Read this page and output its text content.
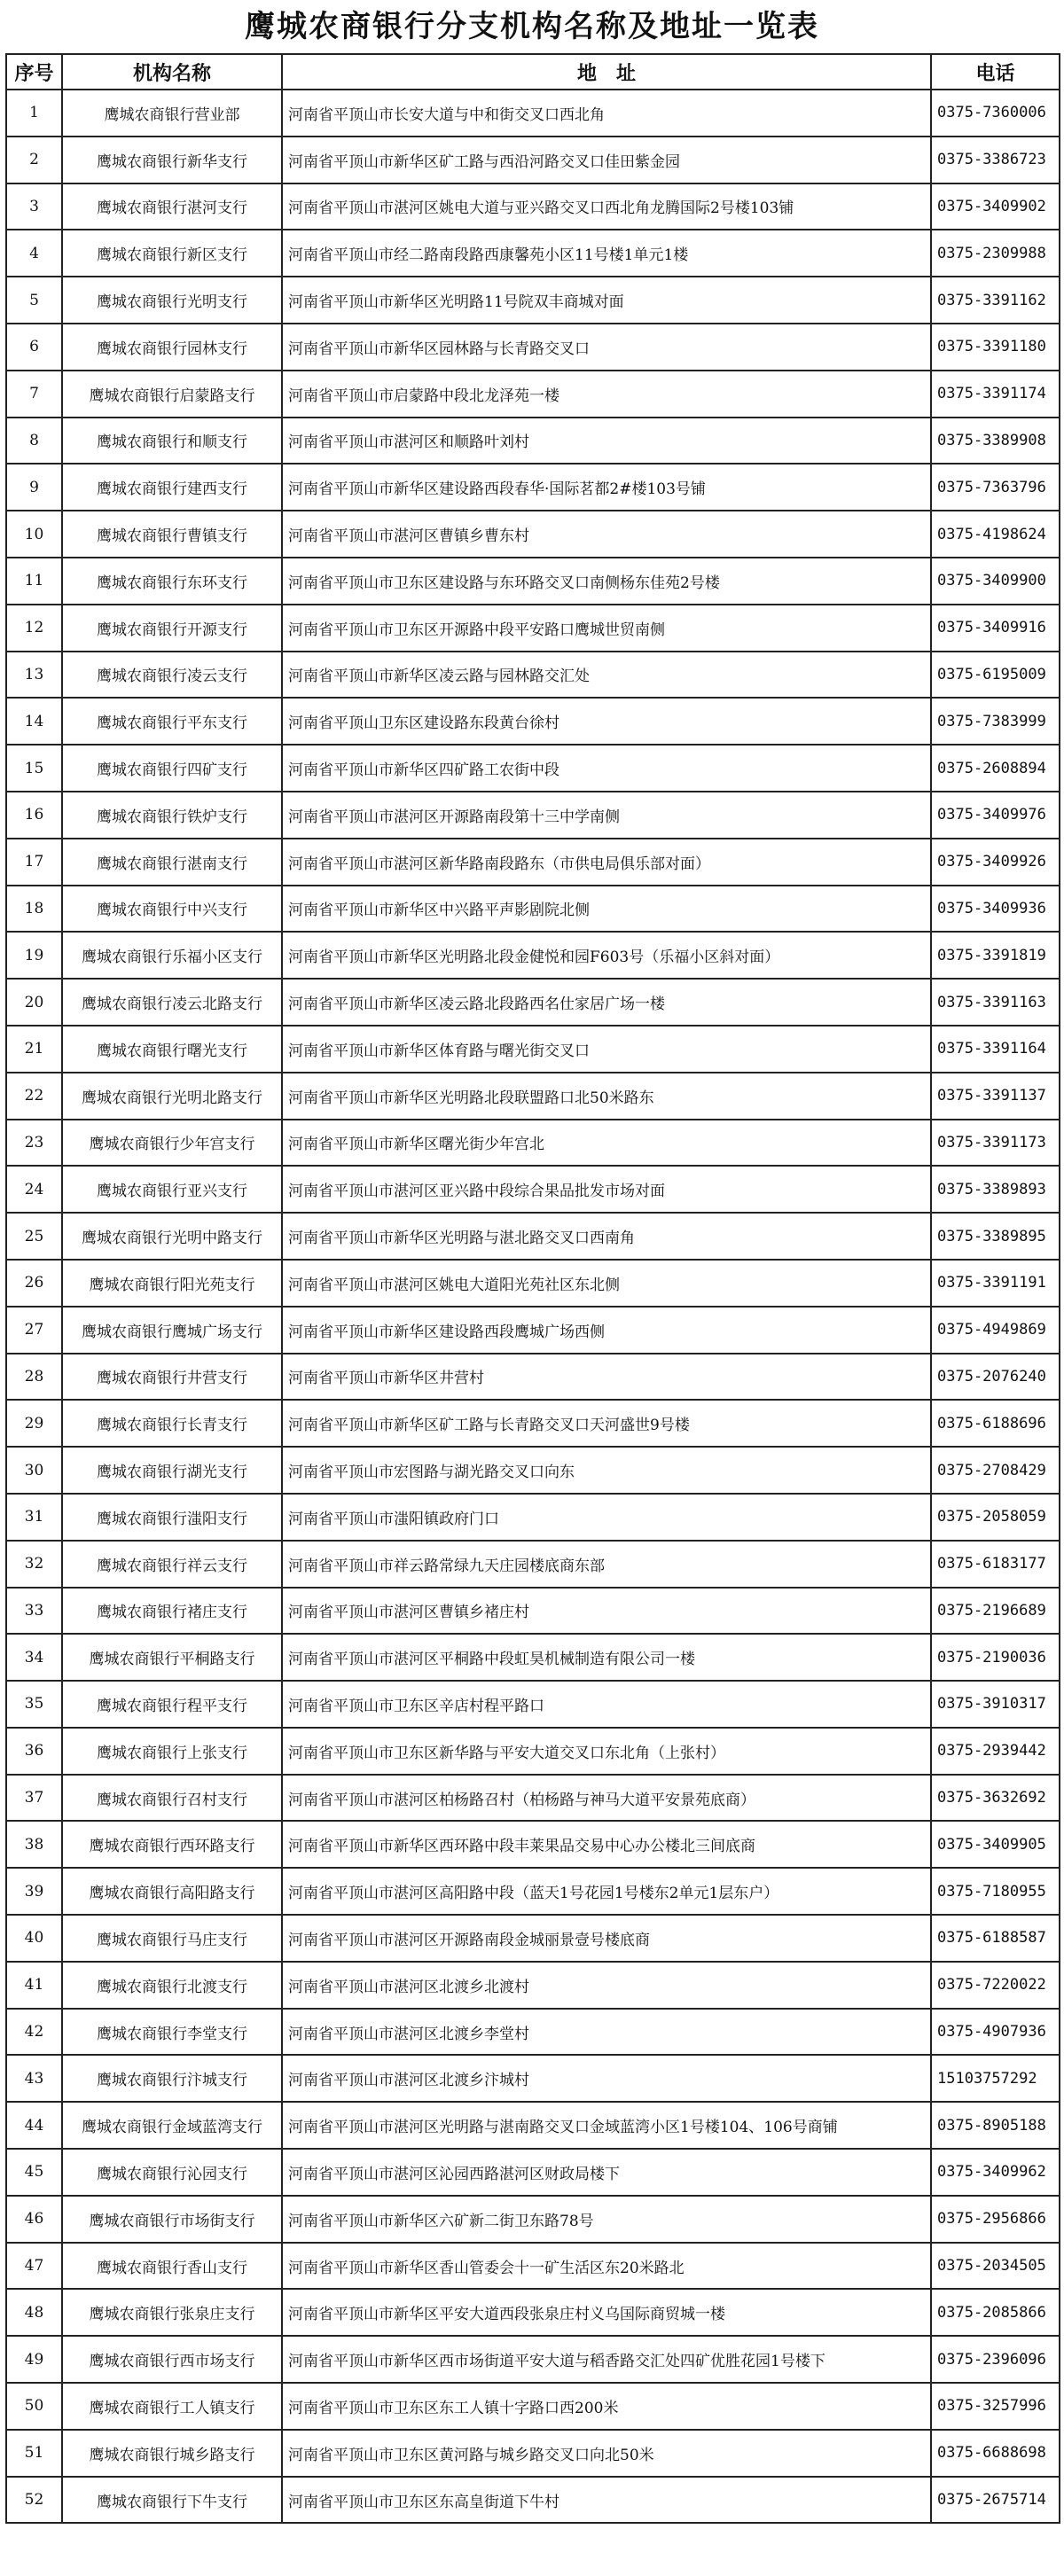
鹰城农商银行分支机构名称及地址一览表
序号	机构名称	地　址	电话
1	鹰城农商银行营业部	河南省平顶山市长安大道与中和街交叉口西北角	0375-7360006
2	鹰城农商银行新华支行	河南省平顶山市新华区矿工路与西沿河路交叉口佳田紫金园	0375-3386723
3	鹰城农商银行湛河支行	河南省平顶山市湛河区姚电大道与亚兴路交叉口西北角龙腾国际2号楼103铺	0375-3409902
4	鹰城农商银行新区支行	河南省平顶山市经二路南段路西康馨苑小区11号楼1单元1楼	0375-2309988
5	鹰城农商银行光明支行	河南省平顶山市新华区光明路11号院双丰商城对面	0375-3391162
6	鹰城农商银行园林支行	河南省平顶山市新华区园林路与长青路交叉口	0375-3391180
7	鹰城农商银行启蒙路支行	河南省平顶山市启蒙路中段北龙泽苑一楼	0375-3391174
8	鹰城农商银行和顺支行	河南省平顶山市湛河区和顺路叶刘村	0375-3389908
9	鹰城农商银行建西支行	河南省平顶山市新华区建设路西段春华·国际茗都2#楼103号铺	0375-7363796
10	鹰城农商银行曹镇支行	河南省平顶山市湛河区曹镇乡曹东村	0375-4198624
11	鹰城农商银行东环支行	河南省平顶山市卫东区建设路与东环路交叉口南侧杨东佳苑2号楼	0375-3409900
12	鹰城农商银行开源支行	河南省平顶山市卫东区开源路中段平安路口鹰城世贸南侧	0375-3409916
13	鹰城农商银行凌云支行	河南省平顶山市新华区凌云路与园林路交汇处	0375-6195009
14	鹰城农商银行平东支行	河南省平顶山卫东区建设路东段黄台徐村	0375-7383999
15	鹰城农商银行四矿支行	河南省平顶山市新华区四矿路工农街中段	0375-2608894
16	鹰城农商银行铁炉支行	河南省平顶山市湛河区开源路南段第十三中学南侧	0375-3409976
17	鹰城农商银行湛南支行	河南省平顶山市湛河区新华路南段路东（市供电局俱乐部对面）	0375-3409926
18	鹰城农商银行中兴支行	河南省平顶山市新华区中兴路平声影剧院北侧	0375-3409936
19	鹰城农商银行乐福小区支行	河南省平顶山市新华区光明路北段金健悦和园F603号（乐福小区斜对面）	0375-3391819
20	鹰城农商银行凌云北路支行	河南省平顶山市新华区凌云路北段路西名仕家居广场一楼	0375-3391163
21	鹰城农商银行曙光支行	河南省平顶山市新华区体育路与曙光街交叉口	0375-3391164
22	鹰城农商银行光明北路支行	河南省平顶山市新华区光明路北段联盟路口北50米路东	0375-3391137
23	鹰城农商银行少年宫支行	河南省平顶山市新华区曙光街少年宫北	0375-3391173
24	鹰城农商银行亚兴支行	河南省平顶山市湛河区亚兴路中段综合果品批发市场对面	0375-3389893
25	鹰城农商银行光明中路支行	河南省平顶山市新华区光明路与湛北路交叉口西南角	0375-3389895
26	鹰城农商银行阳光苑支行	河南省平顶山市湛河区姚电大道阳光苑社区东北侧	0375-3391191
27	鹰城农商银行鹰城广场支行	河南省平顶山市新华区建设路西段鹰城广场西侧	0375-4949869
28	鹰城农商银行井营支行	河南省平顶山市新华区井营村	0375-2076240
29	鹰城农商银行长青支行	河南省平顶山市新华区矿工路与长青路交叉口天河盛世9号楼	0375-6188696
30	鹰城农商银行湖光支行	河南省平顶山市宏图路与湖光路交叉口向东	0375-2708429
31	鹰城农商银行滍阳支行	河南省平顶山市滍阳镇政府门口	0375-2058059
32	鹰城农商银行祥云支行	河南省平顶山市祥云路常绿九天庄园楼底商东部	0375-6183177
33	鹰城农商银行褚庄支行	河南省平顶山市湛河区曹镇乡褚庄村	0375-2196689
34	鹰城农商银行平桐路支行	河南省平顶山市湛河区平桐路中段虹昊机械制造有限公司一楼	0375-2190036
35	鹰城农商银行程平支行	河南省平顶山市卫东区辛店村程平路口	0375-3910317
36	鹰城农商银行上张支行	河南省平顶山市卫东区新华路与平安大道交叉口东北角（上张村）	0375-2939442
37	鹰城农商银行召村支行	河南省平顶山市湛河区柏杨路召村（柏杨路与神马大道平安景苑底商）	0375-3632692
38	鹰城农商银行西环路支行	河南省平顶山市新华区西环路中段丰莱果品交易中心办公楼北三间底商	0375-3409905
39	鹰城农商银行高阳路支行	河南省平顶山市湛河区高阳路中段（蓝天1号花园1号楼东2单元1层东户）	0375-7180955
40	鹰城农商银行马庄支行	河南省平顶山市湛河区开源路南段金城丽景壹号楼底商	0375-6188587
41	鹰城农商银行北渡支行	河南省平顶山市湛河区北渡乡北渡村	0375-7220022
42	鹰城农商银行李堂支行	河南省平顶山市湛河区北渡乡李堂村	0375-4907936
43	鹰城农商银行汴城支行	河南省平顶山市湛河区北渡乡汴城村	15103757292
44	鹰城农商银行金域蓝湾支行	河南省平顶山市湛河区光明路与湛南路交叉口金域蓝湾小区1号楼104、106号商铺	0375-8905188
45	鹰城农商银行沁园支行	河南省平顶山市湛河区沁园西路湛河区财政局楼下	0375-3409962
46	鹰城农商银行市场街支行	河南省平顶山市新华区六矿新二街卫东路78号	0375-2956866
47	鹰城农商银行香山支行	河南省平顶山市新华区香山管委会十一矿生活区东20米路北	0375-2034505
48	鹰城农商银行张泉庄支行	河南省平顶山市新华区平安大道西段张泉庄村义乌国际商贸城一楼	0375-2085866
49	鹰城农商银行西市场支行	河南省平顶山市新华区西市场街道平安大道与稻香路交汇处四矿优胜花园1号楼下	0375-2396096
50	鹰城农商银行工人镇支行	河南省平顶山市卫东区东工人镇十字路口西200米	0375-3257996
51	鹰城农商银行城乡路支行	河南省平顶山市卫东区黄河路与城乡路交叉口向北50米	0375-6688698
52	鹰城农商银行下牛支行	河南省平顶山市卫东区东高皇街道下牛村	0375-2675714
